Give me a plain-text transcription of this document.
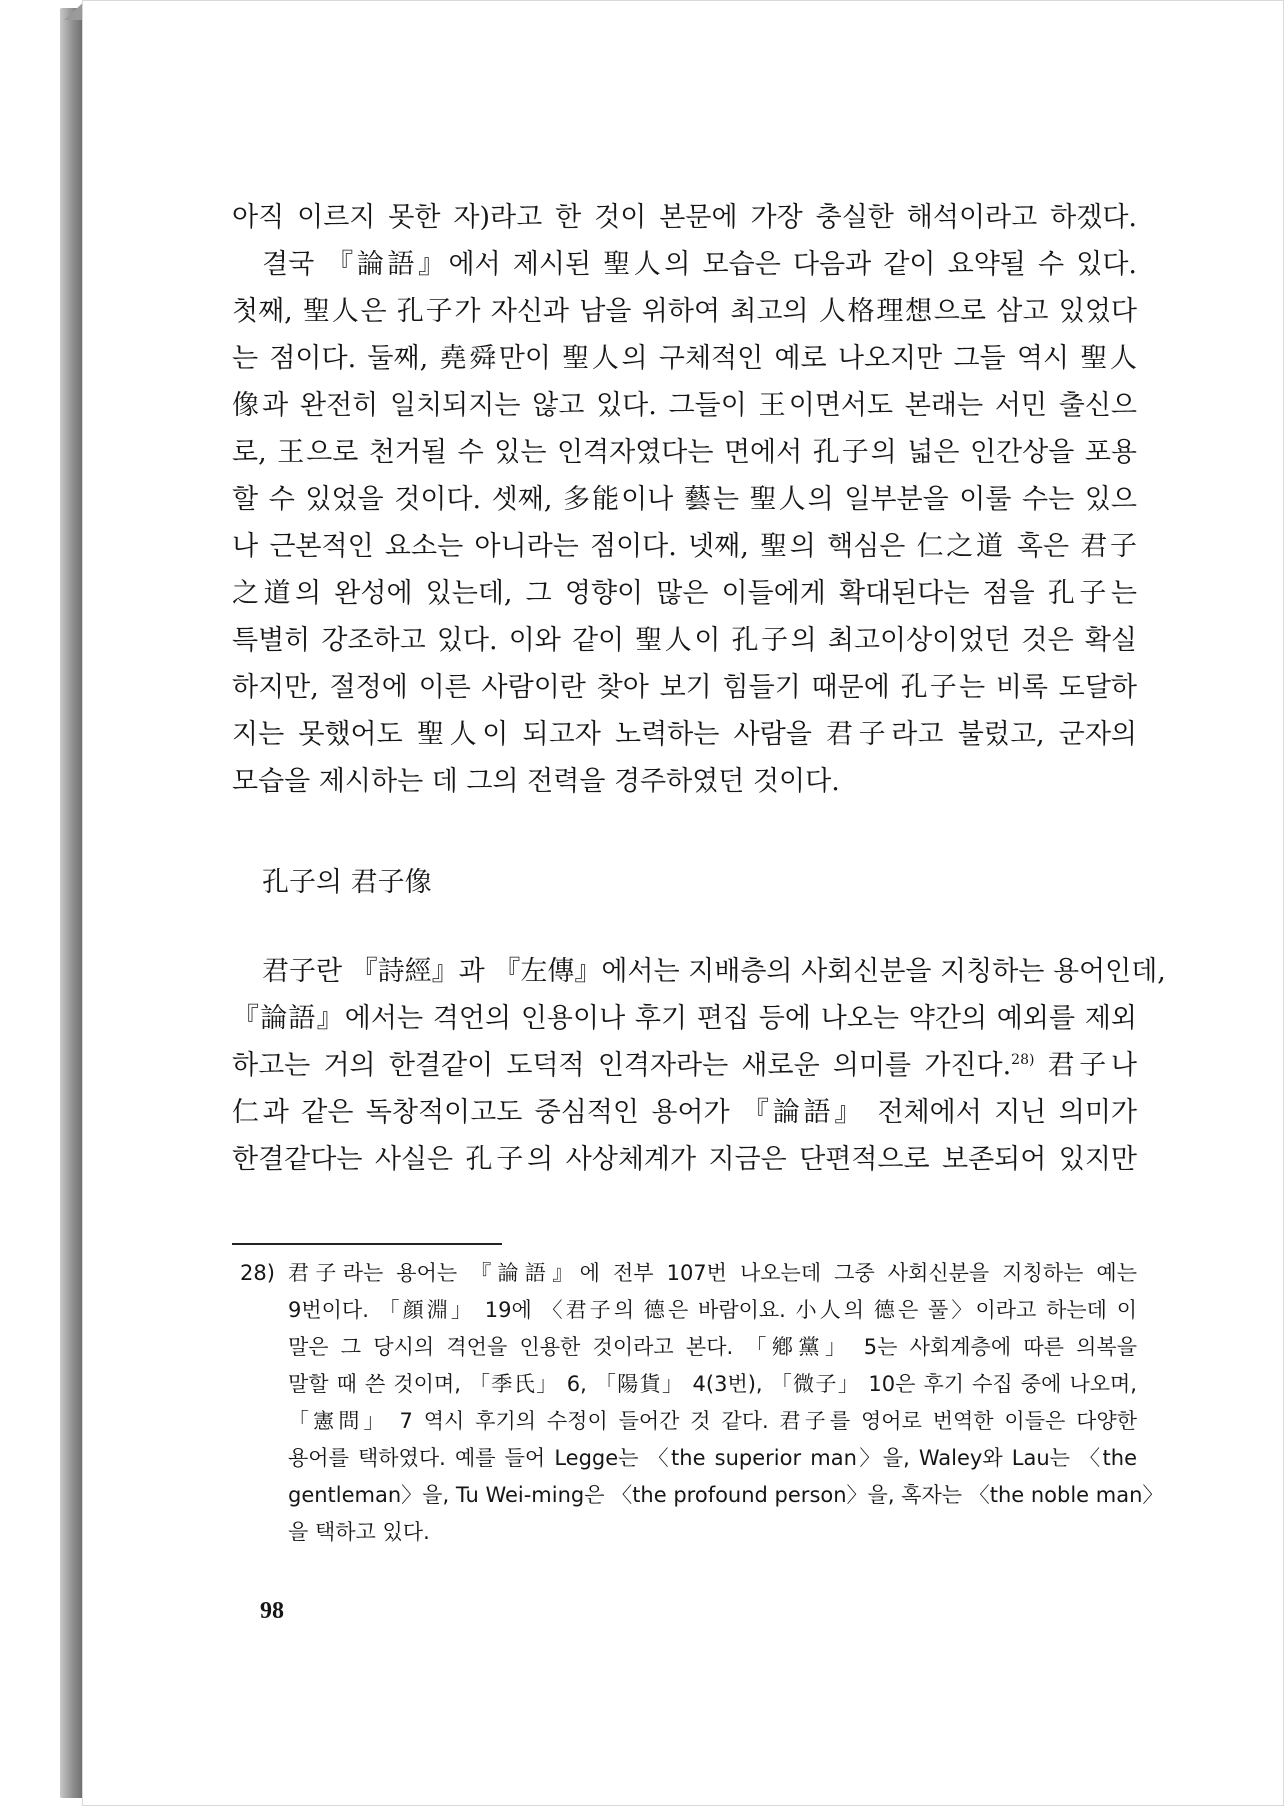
아직 이르지 못한 자)라고 한 것이 본문에 가장 충실한 해석이라고 하겠다.
결국 『論語』에서 제시된 聖人의 모습은 다음과 같이 요약될 수 있다.
첫째, 聖人은 孔子가 자신과 남을 위하여 최고의 人格理想으로 삼고 있었다
는 점이다. 둘째, 堯舜만이 聖人의 구체적인 예로 나오지만 그들 역시 聖人
像과 완전히 일치되지는 않고 있다. 그들이 王이면서도 본래는 서민 출신으
로, 王으로 천거될 수 있는 인격자였다는 면에서 孔子의 넓은 인간상을 포용
할 수 있었을 것이다. 셋째, 多能이나 藝는 聖人의 일부분을 이룰 수는 있으
나 근본적인 요소는 아니라는 점이다. 넷째, 聖의 핵심은 仁之道 혹은 君子
之道의 완성에 있는데, 그 영향이 많은 이들에게 확대된다는 점을 孔子는
특별히 강조하고 있다. 이와 같이 聖人이 孔子의 최고이상이었던 것은 확실
하지만, 절정에 이른 사람이란 찾아 보기 힘들기 때문에 孔子는 비록 도달하
지는 못했어도 聖人이 되고자 노력하는 사람을 君子라고 불렀고, 군자의
모습을 제시하는 데 그의 전력을 경주하였던 것이다.
孔子의 君子像
君子란 『詩經』과 『左傳』에서는 지배층의 사회신분을 지칭하는 용어인데,
『論語』에서는 격언의 인용이나 후기 편집 등에 나오는 약간의 예외를 제외
하고는 거의 한결같이 도덕적 인격자라는 새로운 의미를 가진다.$^{28)}$ 君子나
仁과 같은 독창적이고도 중심적인 용어가 『論語』 전체에서 지닌 의미가
한결같다는 사실은 孔子의 사상체계가 지금은 단편적으로 보존되어 있지만
28) 君子라는 용어는 『論語』에 전부 107번 나오는데 그중 사회신분을 지칭하는 예는
9번이다. 「顔淵」 19에 〈君子의 德은 바람이요. 小人의 德은 풀〉이라고 하는데 이
말은 그 당시의 격언을 인용한 것이라고 본다. 「鄕黨」 5는 사회계층에 따른 의복을
말할 때 쓴 것이며, 「季氏」 6, 「陽貨」 4(3번), 「微子」 10은 후기 수집 중에 나오며,
「憲問」 7 역시 후기의 수정이 들어간 것 같다. 君子를 영어로 번역한 이들은 다양한
용어를 택하였다. 예를 들어 Legge는 〈the superior man〉을, Waley와 Lau는 〈the
gentleman〉을, Tu Wei-ming은 〈the profound person〉을, 혹자는 〈the noble man〉
을 택하고 있다.
98
